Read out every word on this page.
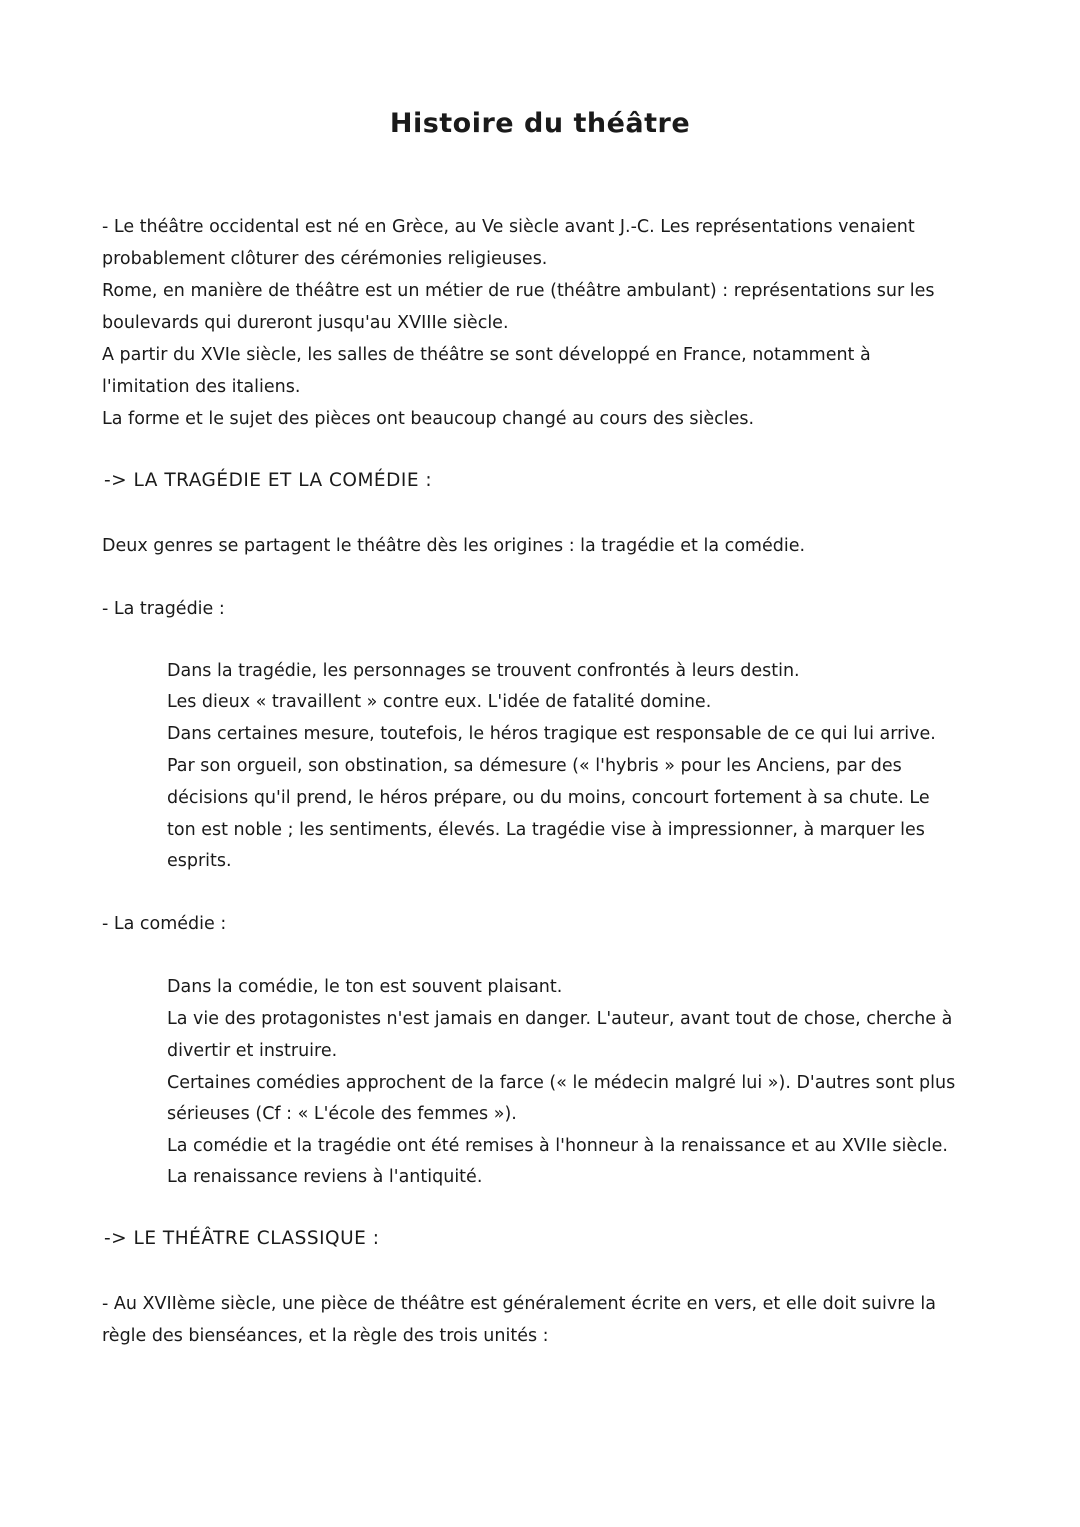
Histoire du théâtre
- Le théâtre occidental est né en Grèce, au Ve siècle avant J.-C. Les représentations venaient
probablement clôturer des cérémonies religieuses.
Rome, en manière de théâtre est un métier de rue (théâtre ambulant) : représentations sur les
boulevards qui dureront jusqu'au XVIIIe siècle.
A partir du XVIe siècle, les salles de théâtre se sont développé en France, notamment à
l'imitation des italiens.
La forme et le sujet des pièces ont beaucoup changé au cours des siècles.
-> LA TRAGÉDIE ET LA COMÉDIE :
Deux genres se partagent le théâtre dès les origines : la tragédie et la comédie.
- La tragédie :
Dans la tragédie, les personnages se trouvent confrontés à leurs destin.
Les dieux « travaillent » contre eux. L'idée de fatalité domine.
Dans certaines mesure, toutefois, le héros tragique est responsable de ce qui lui arrive.
Par son orgueil, son obstination, sa démesure (« l'hybris » pour les Anciens, par des
décisions qu'il prend, le héros prépare, ou du moins, concourt fortement à sa chute. Le
ton est noble ; les sentiments, élevés. La tragédie vise à impressionner, à marquer les
esprits.
- La comédie :
Dans la comédie, le ton est souvent plaisant.
La vie des protagonistes n'est jamais en danger. L'auteur, avant tout de chose, cherche à
divertir et instruire.
Certaines comédies approchent de la farce (« le médecin malgré lui »). D'autres sont plus
sérieuses (Cf : « L'école des femmes »).
La comédie et la tragédie ont été remises à l'honneur à la renaissance et au XVIIe siècle.
La renaissance reviens à l'antiquité.
-> LE THÉÂTRE CLASSIQUE :
- Au XVIIème siècle, une pièce de théâtre est généralement écrite en vers, et elle doit suivre la
règle des bienséances, et la règle des trois unités :
